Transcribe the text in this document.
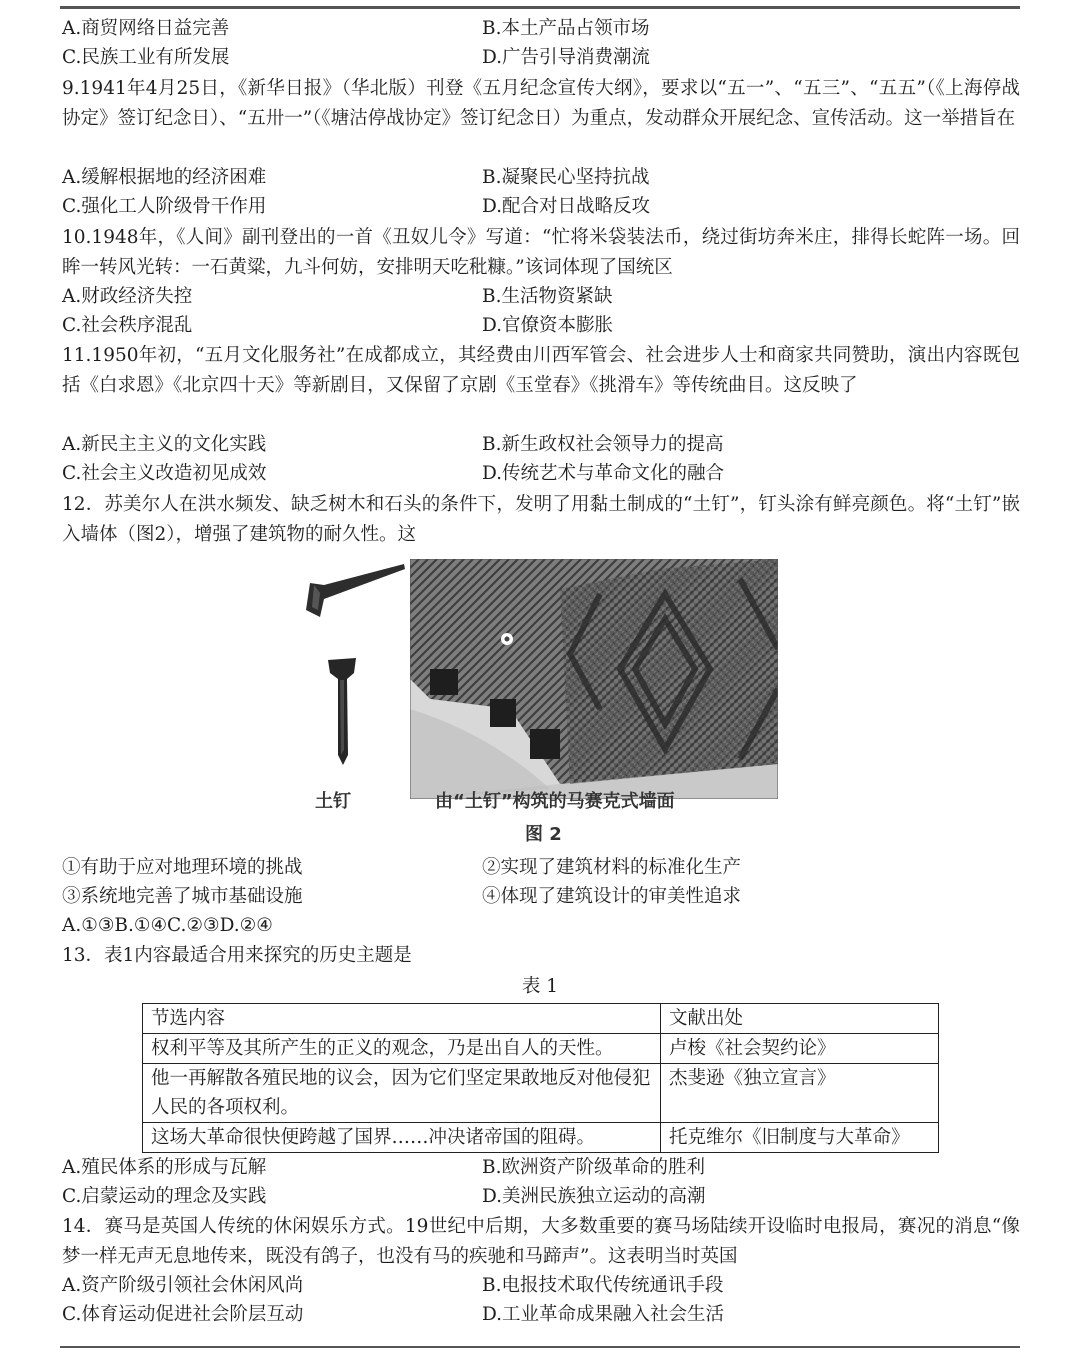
A.商贸网络日益完善	B.本土产品占领市场
C.民族工业有所发展	D.广告引导消费潮流
9.1941年4月25日，《新华日报》（华北版）刊登《五月纪念宣传大纲》，要求以“五一”、“五三”、“五五”（《上海停战协定》签订纪念日）、“五卅一”（《塘沽停战协定》签订纪念日）为重点，发动群众开展纪念、宣传活动。这一举措旨在
A.缓解根据地的经济困难	B.凝聚民心坚持抗战
C.强化工人阶级骨干作用	D.配合对日战略反攻
10.1948年，《人间》副刊登出的一首《丑奴儿令》写道：“忙将米袋装法币，绕过街坊奔米庄，排得长蛇阵一场。回眸一转风光转：一石黄粱，九斗何妨，安排明天吃秕糠。”该词体现了国统区
A.财政经济失控	B.生活物资紧缺
C.社会秩序混乱	D.官僚资本膨胀
11.1950年初，“五月文化服务社”在成都成立，其经费由川西军管会、社会进步人士和商家共同赞助，演出内容既包括《白求恩》《北京四十天》等新剧目，又保留了京剧《玉堂春》《挑滑车》等传统曲目。这反映了
A.新民主主义的文化实践	B.新生政权社会领导力的提高
C.社会主义改造初见成效	D.传统艺术与革命文化的融合
12．苏美尔人在洪水频发、缺乏树木和石头的条件下，发明了用黏土制成的“土钉”，钉头涂有鲜亮颜色。将“土钉”嵌入墙体（图2），增强了建筑物的耐久性。这
土钉	由“土钉”构筑的马赛克式墙面
图 2
①有助于应对地理环境的挑战	②实现了建筑材料的标准化生产
③系统地完善了城市基础设施	④体现了建筑设计的审美性追求
A.①③B.①④C.②③D.②④
13．表1内容最适合用来探究的历史主题是
表 1
节选内容	文献出处
权利平等及其所产生的正义的观念，乃是出自人的天性。	卢梭《社会契约论》
他一再解散各殖民地的议会，因为它们坚定果敢地反对他侵犯人民的各项权利。	杰斐逊《独立宣言》
这场大革命很快便跨越了国界……冲决诸帝国的阻碍。	托克维尔《旧制度与大革命》
A.殖民体系的形成与瓦解	B.欧洲资产阶级革命的胜利
C.启蒙运动的理念及实践	D.美洲民族独立运动的高潮
14．赛马是英国人传统的休闲娱乐方式。19世纪中后期，大多数重要的赛马场陆续开设临时电报局，赛况的消息“像梦一样无声无息地传来，既没有鸽子，也没有马的疾驰和马蹄声”。这表明当时英国
A.资产阶级引领社会休闲风尚	B.电报技术取代传统通讯手段
C.体育运动促进社会阶层互动	D.工业革命成果融入社会生活
